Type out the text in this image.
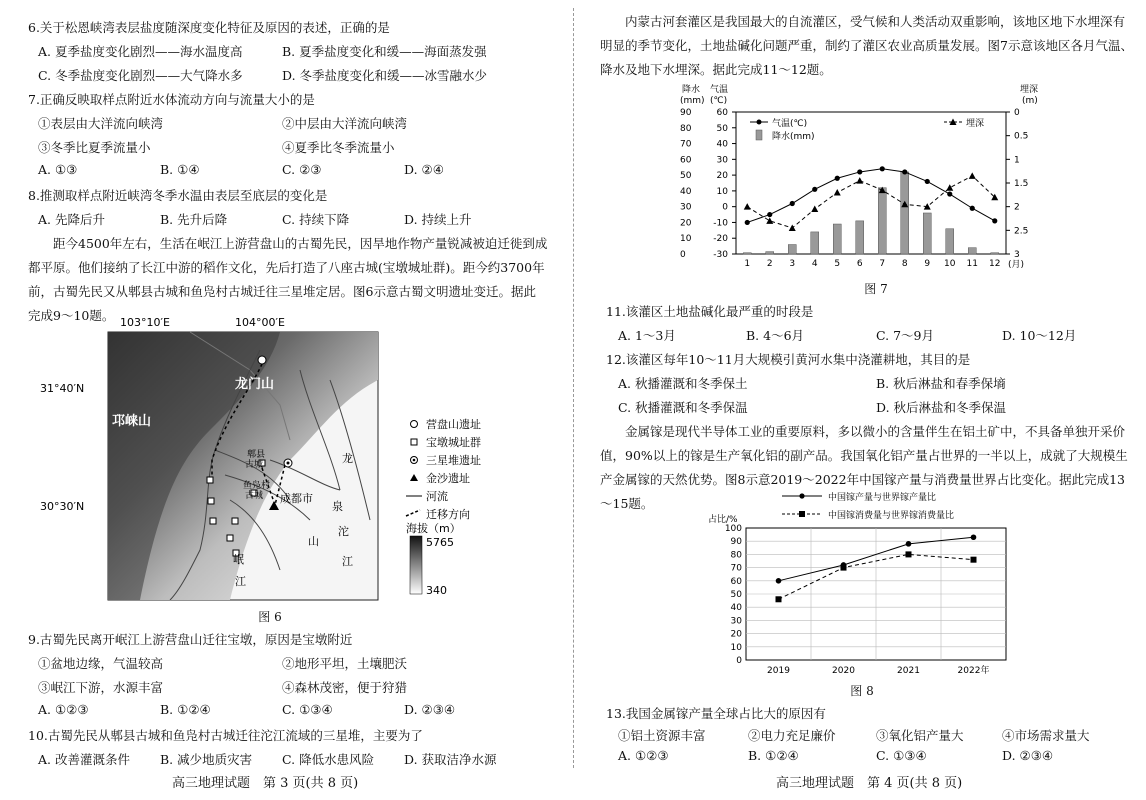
6.关于松恩峡湾表层盐度随深度变化特征及原因的表述，正确的是
A. 夏季盐度变化剧烈——海水温度高	B. 夏季盐度变化和缓——海面蒸发强
C. 冬季盐度变化剧烈——大气降水多	D. 冬季盐度变化和缓——冰雪融水少
7.正确反映取样点附近水体流动方向与流量大小的是
①表层由大洋流向峡湾	②中层由大洋流向峡湾
③冬季比夏季流量小	④夏季比冬季流量小
A. ①③	B. ①④	C. ②③	D. ②④
8.推测取样点附近峡湾冬季水温由表层至底层的变化是
A. 先降后升	B. 先升后降	C. 持续下降	D. 持续上升
距今4500年左右，生活在岷江上游营盘山的古蜀先民，因旱地作物产量锐减被迫迁徙到成都平原。他们接纳了长江中游的稻作文化，先后打造了八座古城(宝墩城址群)。距今约3700年前，古蜀先民又从郫县古城和鱼凫村古城迁往三星堆定居。图6示意古蜀文明遗址变迁。据此完成9～10题。 103°10′E	104°00′E
31°40′N
30°30′N
龙门山
邛崃山
郫县
古城
鱼凫村
古城 成都市
岷
江
龙
泉
山
沱
江
营盘山遗址
宝墩城址群
三星堆遗址
金沙遗址
河流
迁移方向
海拔（m）
5765
340
图 6
9.古蜀先民离开岷江上游营盘山迁往宝墩，原因是宝墩附近
①盆地边缘，气温较高	②地形平坦，土壤肥沃
③岷江下游，水源丰富	④森林茂密，便于狩猎
A. ①②③	B. ①②④	C. ①③④	D. ②③④
10.古蜀先民从郫县古城和鱼凫村古城迁往沱江流域的三星堆，主要为了
A. 改善灌溉条件 B. 减少地质灾害 C. 降低水患风险 D. 获取洁净水源
高三地理试题　第 3 页(共 8 页)
内蒙古河套灌区是我国最大的自流灌区，受气候和人类活动双重影响，该地区地下水埋深有明显的季节变化，土地盐碱化问题严重，制约了灌区农业高质量发展。图7示意该地区各月气温、降水及地下水埋深。据此完成11～12题。
降水
(mm)
气温
(℃)
埋深
(m)
0
10
20
30
40
50
60
70
80
90	60
50
40
30
20
10
0
-10
-20
-30
0
0.5
1
1.5
2
2.5
3
1 2 3 4 5 6 7 8 9 10 11 12 (月)
气温(℃)
降水(mm)
埋深
图 7
11.该灌区土地盐碱化最严重的时段是
A. 1～3月	B. 4～6月	C. 7～9月	D. 10～12月
12.该灌区每年10～11月大规模引黄河水集中浇灌耕地，其目的是
A. 秋播灌溉和冬季保土	B. 秋后淋盐和春季保墒
C. 秋播灌溉和冬季保温	D. 秋后淋盐和冬季保温
金属镓是现代半导体工业的重要原料，多以微小的含量伴生在铝土矿中，不具备单独开采价值，90%以上的镓是生产氧化铝的副产品。我国氧化铝产量占世界的一半以上，成就了大规模生产金属镓的天然优势。图8示意2019～2022年中国镓产量与消费量世界占比变化。据此完成13～15题。	中国镓产量与世界镓产量比
中国镓消费量与世界镓消费量比
占比/%
0
10
20
30
40
50
60
70
80
90
100
2019	2020	2021	2022年
图 8
13.我国金属镓产量全球占比大的原因有
①铝土资源丰富	②电力充足廉价	③氧化铝产量大	④市场需求量大
A. ①②③	B. ①②④	C. ①③④	D. ②③④
高三地理试题　第 4 页(共 8 页)
